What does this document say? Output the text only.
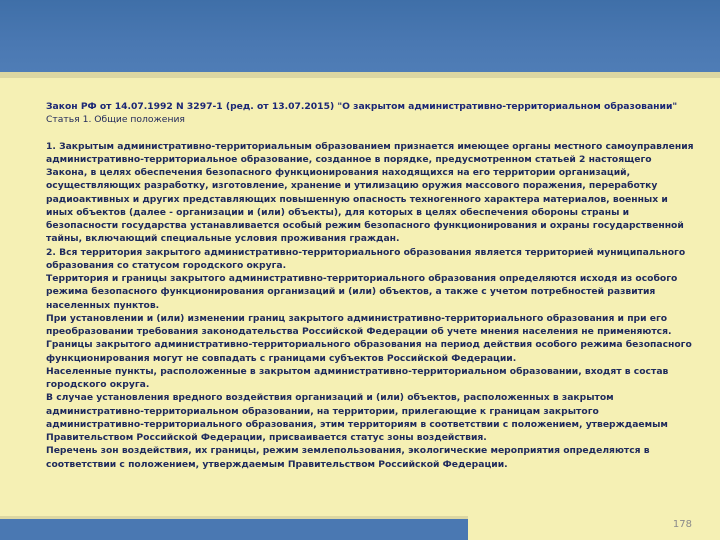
Закон РФ от 14.07.1992 N 3297-1 (ред. от 13.07.2015) "О закрытом административно-территориальном образовании"

Статья 1. Общие положения

1. Закрытым административно-территориальным образованием признается имеющее органы местного самоуправления административно-территориальное образование, созданное в порядке, предусмотренном статьей 2 настоящего Закона, в целях обеспечения безопасного функционирования находящихся на его территории организаций, осуществляющих разработку, изготовление, хранение и утилизацию оружия массового поражения, переработку радиоактивных и других представляющих повышенную опасность техногенного характера материалов, военных и иных объектов (далее - организации и (или) объекты), для которых в целях обеспечения обороны страны и безопасности государства устанавливается особый режим безопасного функционирования и охраны государственной тайны, включающий специальные условия проживания граждан.

2. Вся территория закрытого административно-территориального образования является территорией муниципального образования со статусом городского округа.

Территория и границы закрытого административно-территориального образования определяются исходя из особого режима безопасного функционирования организаций и (или) объектов, а также с учетом потребностей развития населенных пунктов.

При установлении и (или) изменении границ закрытого административно-территориального образования и при его преобразовании требования законодательства Российской Федерации об учете мнения населения не применяются.

Границы закрытого административно-территориального образования на период действия особого режима безопасного функционирования могут не совпадать с границами субъектов Российской Федерации.

Населенные пункты, расположенные в закрытом административно-территориальном образовании, входят в состав городского округа.

В случае установления вредного воздействия организаций и (или) объектов, расположенных в закрытом административно-территориальном образовании, на территории, прилегающие к границам закрытого административно-территориального образования, этим территориям в соответствии с положением, утверждаемым Правительством Российской Федерации, присваивается статус зоны воздействия.

Перечень зон воздействия, их границы, режим землепользования, экологические мероприятия определяются в соответствии с положением, утверждаемым Правительством Российской Федерации.

178
